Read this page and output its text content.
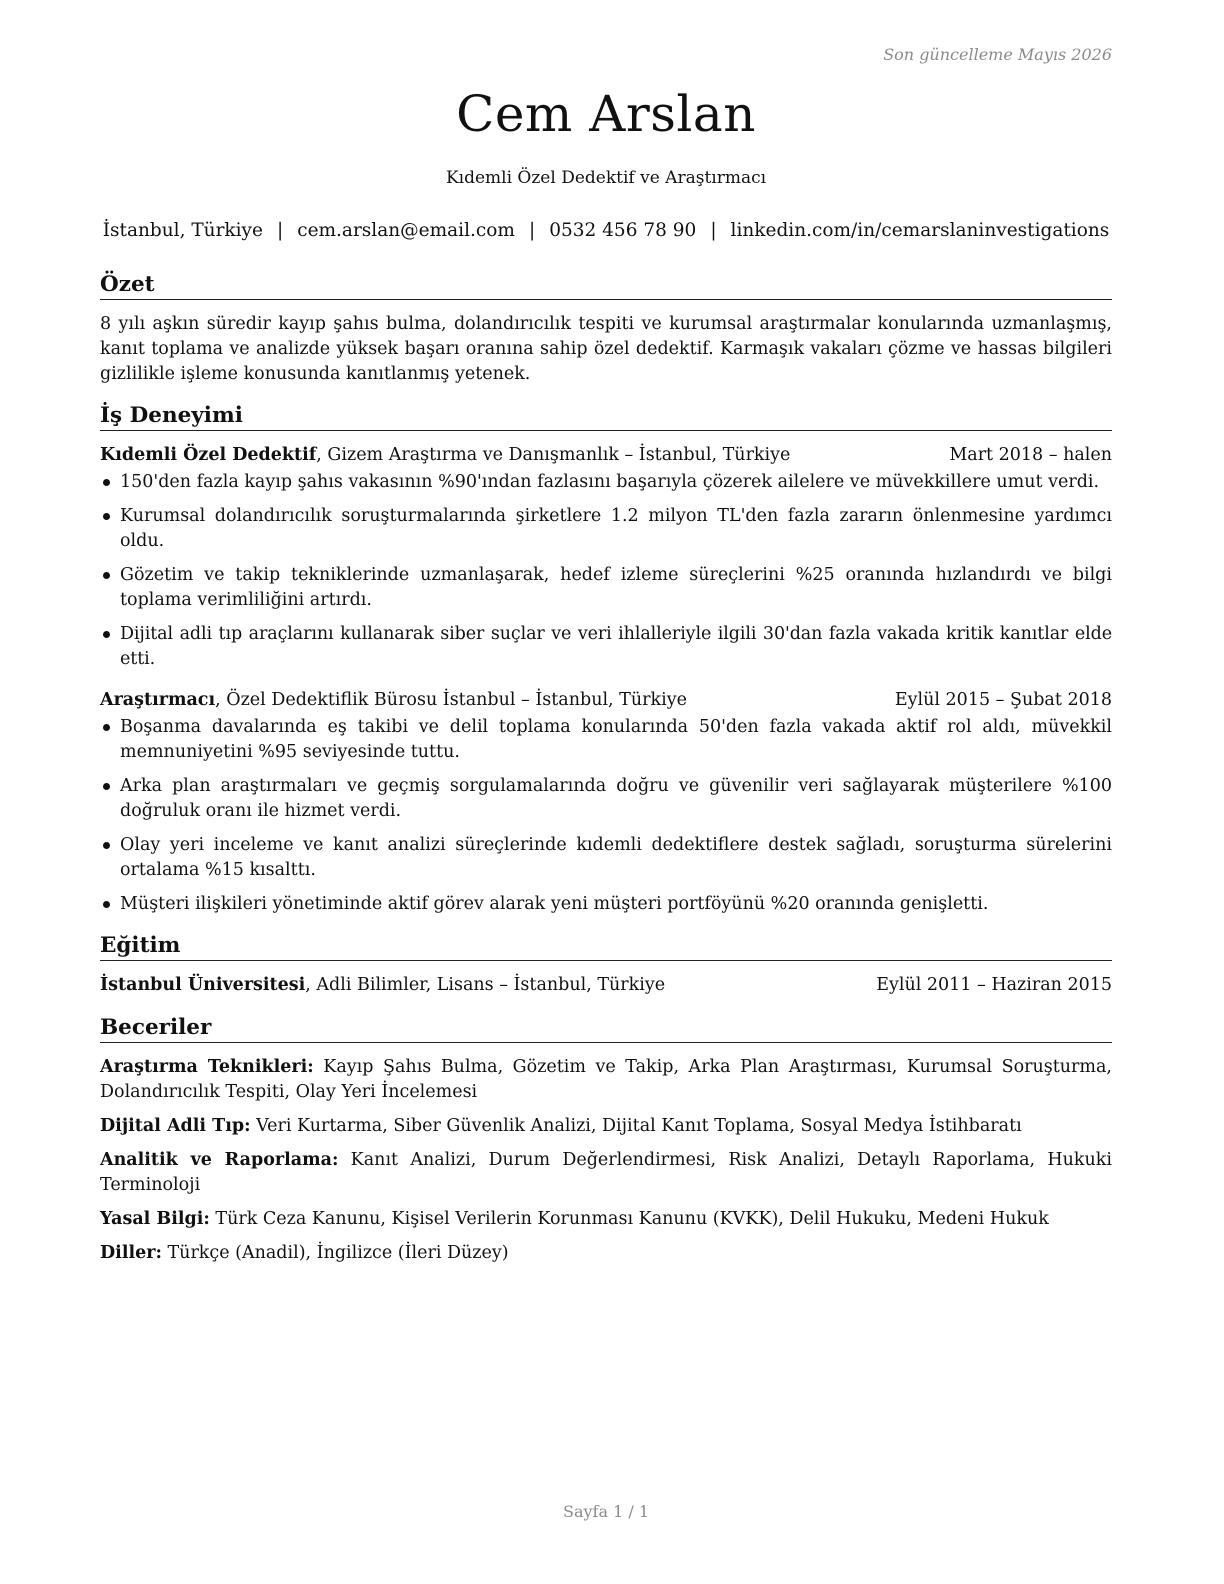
Son güncelleme Mayıs 2026
Cem Arslan
Kıdemli Özel Dedektif ve Araştırmacı
İstanbul, Türkiye | cem.arslan@email.com | 0532 456 78 90 | linkedin.com/in/cemarslaninvestigations
Özet

8 yılı aşkın süredir kayıp şahıs bulma, dolandırıcılık tespiti ve kurumsal araştırmalar konularında uzmanlaşmış, kanıt toplama ve analizde yüksek başarı oranına sahip özel dedektif. Karmaşık vakaları çözme ve hassas bilgileri gizlilikle işleme konusunda kanıtlanmış yetenek.

İş Deneyimi
Kıdemli Özel Dedektif, Gizem Araştırma ve Danışmanlık – İstanbul, Türkiye	Mart 2018 – halen
150'den fazla kayıp şahıs vakasının %90'ından fazlasını başarıyla çözerek ailelere ve müvekkillere umut verdi.
Kurumsal dolandırıcılık soruşturmalarında şirketlere 1.2 milyon TL'den fazla zararın önlenmesine yardımcı oldu.
Gözetim ve takip tekniklerinde uzmanlaşarak, hedef izleme süreçlerini %25 oranında hızlandırdı ve bilgi toplama verimliliğini artırdı.
Dijital adli tıp araçlarını kullanarak siber suçlar ve veri ihlalleriyle ilgili 30'dan fazla vakada kritik kanıtlar elde etti.
Araştırmacı, Özel Dedektiflik Bürosu İstanbul – İstanbul, Türkiye	Eylül 2015 – Şubat 2018
Boşanma davalarında eş takibi ve delil toplama konularında 50'den fazla vakada aktif rol aldı, müvekkil memnuniyetini %95 seviyesinde tuttu.
Arka plan araştırmaları ve geçmiş sorgulamalarında doğru ve güvenilir veri sağlayarak müşterilere %100 doğruluk oranı ile hizmet verdi.
Olay yeri inceleme ve kanıt analizi süreçlerinde kıdemli dedektiflere destek sağladı, soruşturma sürelerini ortalama %15 kısalttı.
Müşteri ilişkileri yönetiminde aktif görev alarak yeni müşteri portföyünü %20 oranında genişletti.
Eğitim
İstanbul Üniversitesi, Adli Bilimler, Lisans – İstanbul, Türkiye	Eylül 2011 – Haziran 2015
Beceriler

Araştırma Teknikleri: Kayıp Şahıs Bulma, Gözetim ve Takip, Arka Plan Araştırması, Kurumsal Soruşturma, Dolandırıcılık Tespiti, Olay Yeri İncelemesi

Dijital Adli Tıp: Veri Kurtarma, Siber Güvenlik Analizi, Dijital Kanıt Toplama, Sosyal Medya İstihbaratı

Analitik ve Raporlama: Kanıt Analizi, Durum Değerlendirmesi, Risk Analizi, Detaylı Raporlama, Hukuki Terminoloji

Yasal Bilgi: Türk Ceza Kanunu, Kişisel Verilerin Korunması Kanunu (KVKK), Delil Hukuku, Medeni Hukuk

Diller: Türkçe (Anadil), İngilizce (İleri Düzey)

Sayfa 1 / 1
